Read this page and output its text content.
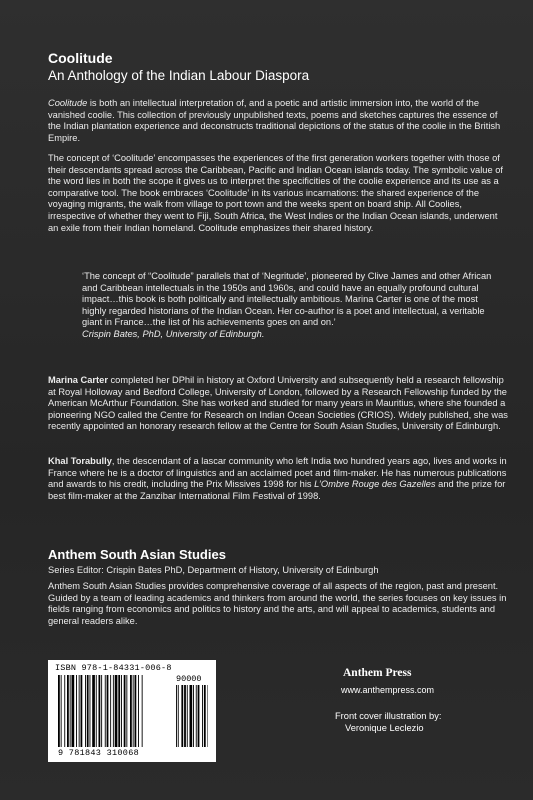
Coolitude
An Anthology of the Indian Labour Diaspora

Coolitude is both an intellectual interpretation of, and a poetic and artistic immersion into, the world of the vanished coolie. This collection of previously unpublished texts, poems and sketches captures the essence of the Indian plantation experience and deconstructs traditional depictions of the status of the coolie in the British Empire.

The concept of ‘Coolitude’ encompasses the experiences of the first generation workers together with those of their descendants spread across the Caribbean, Pacific and Indian Ocean islands today. The symbolic value of the word lies in both the scope it gives us to interpret the specificities of the coolie experience and its use as a comparative tool. The book embraces ‘Coolitude’ in its various incarnations: the shared experience of the voyaging migrants, the walk from village to port town and the weeks spent on board ship. All Coolies, irrespective of whether they went to Fiji, South Africa, the West Indies or the Indian Ocean islands, underwent an exile from their Indian homeland. Coolitude emphasizes their shared history.

‘The concept of “Coolitude” parallels that of ‘Negritude’, pioneered by Clive James and other African and Caribbean intellectuals in the 1950s and 1960s, and could have an equally profound cultural impact…this book is both politically and intellectually ambitious. Marina Carter is one of the most highly regarded historians of the Indian Ocean. Her co-author is a poet and intellectual, a veritable giant in France…the list of his achievements goes on and on.’

Crispin Bates, PhD, University of Edinburgh.

Marina Carter completed her DPhil in history at Oxford University and subsequently held a research fellowship at Royal Holloway and Bedford College, University of London, followed by a Research Fellowship funded by the American McArthur Foundation. She has worked and studied for many years in Mauritius, where she founded a pioneering NGO called the Centre for Research on Indian Ocean Societies (CRIOS). Widely published, she was recently appointed an honorary research fellow at the Centre for South Asian Studies, University of Edinburgh.

Khal Torabully, the descendant of a lascar community who left India two hundred years ago, lives and works in France where he is a doctor of linguistics and an acclaimed poet and film-maker. He has numerous publications and awards to his credit, including the Prix Missives 1998 for his L’Ombre Rouge des Gazelles and the prize for best film-maker at the Zanzibar International Film Festival of 1998.

Anthem South Asian Studies
Series Editor: Crispin Bates PhD, Department of History, University of Edinburgh

Anthem South Asian Studies provides comprehensive coverage of all aspects of the region, past and present. Guided by a team of leading academics and thinkers from around the world, the series focuses on key issues in fields ranging from economics and politics to history and the arts, and will appeal to academics, students and general readers alike.

ISBN 978-1-84331-006-8
90000
9 781843 310068
Anthem Press
www.anthempress.com
Front cover illustration by:
Veronique Leclezio
